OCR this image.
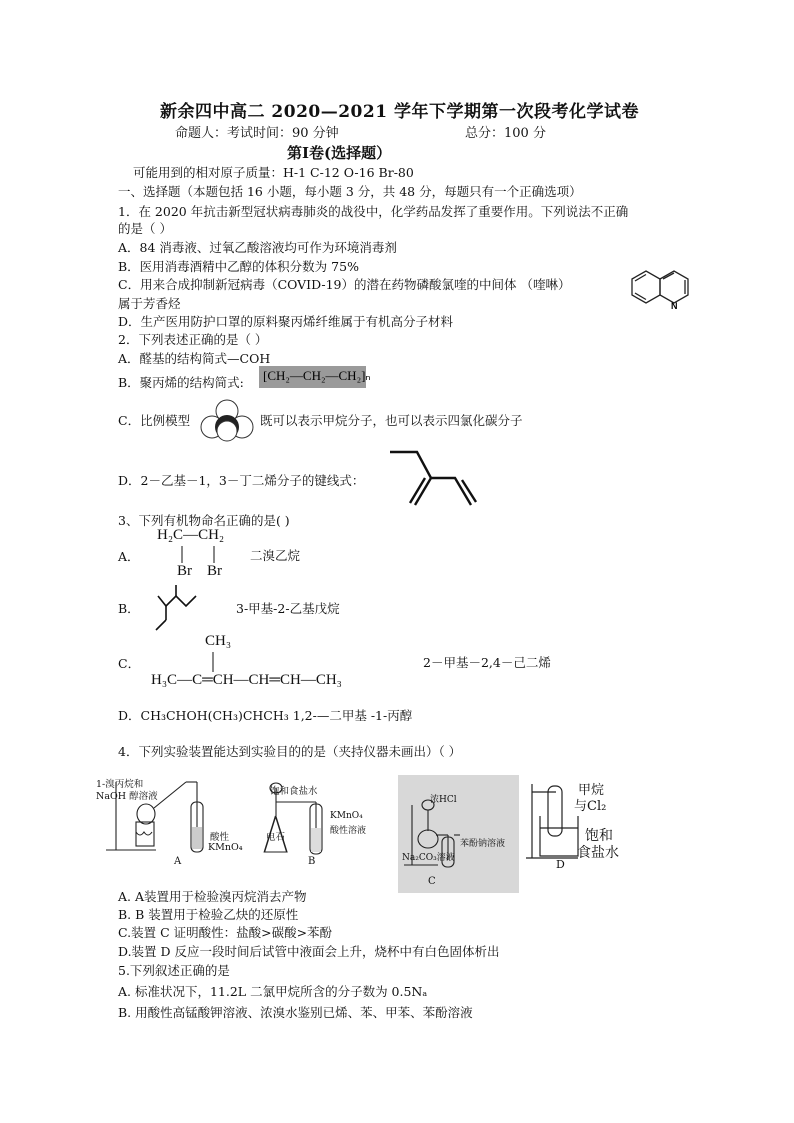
新余四中高二 2020—2021 学年下学期第一次段考化学试卷
命题人：考试时间：90 分钟	总分：100 分
第Ⅰ卷(选择题）
可能用到的相对原子质量：H-1 C-12 O-16 Br-80
一、选择题（本题包括 16 小题，每小题 3 分，共 48 分，每题只有一个正确选项）
1．在 2020 年抗击新型冠状病毒肺炎的战役中，化学药品发挥了重要作用。下列说法不正确
的是（ ）
A．84 消毒液、过氧乙酸溶液均可作为环境消毒剂
B．医用消毒酒精中乙醇的体积分数为 75%
C．用来合成抑制新冠病毒（COVID-19）的潜在药物磷酸氯喹的中间体 （喹啉）
属于芳香烃
D．生产医用防护口罩的原料聚丙烯纤维属于有机高分子材料
N
2．下列表述正确的是（ ）
A．醛基的结构简式—COH
B．聚丙烯的结构简式: [CH₂—CH₂—CH₂]ₙ
C．比例模型	既可以表示甲烷分子，也可以表示四氯化碳分子
D．2－乙基－1，3－丁二烯分子的键线式：
3、下列有机物命名正确的是( )
A．
H₂C—CH₂
Br Br
二溴乙烷
B．	3-甲基-2-乙基戊烷
C．
CH₃
H₃C—C═CH—CH═CH—CH₃
2－甲基－2,4－己二烯
D．CH₃CHOH(CH₃)CHCH₃ 1,2-—二甲基 -1-丙醇
4．下列实验装置能达到实验目的的是（夹持仪器未画出）（ ）
1-溴丙烷和
NaOH 醇溶液
酸性
KMnO₄
A
饱和食盐水
电石
KMnO₄
酸性溶液
B
浓HCl
Na₂CO₃溶液
苯酚钠溶液
C
甲烷
与Cl₂
饱和
食盐水
D
A. A装置用于检验溴丙烷消去产物
B. B 装置用于检验乙炔的还原性
C.装置 C 证明酸性：盐酸>碳酸>苯酚
D.装置 D 反应一段时间后试管中液面会上升，烧杯中有白色固体析出
5.下列叙述正确的是
A. 标准状况下，11.2L 二氯甲烷所含的分子数为 0.5Nₐ
B. 用酸性高锰酸钾溶液、浓溴水鉴别已烯、苯、甲苯、苯酚溶液
